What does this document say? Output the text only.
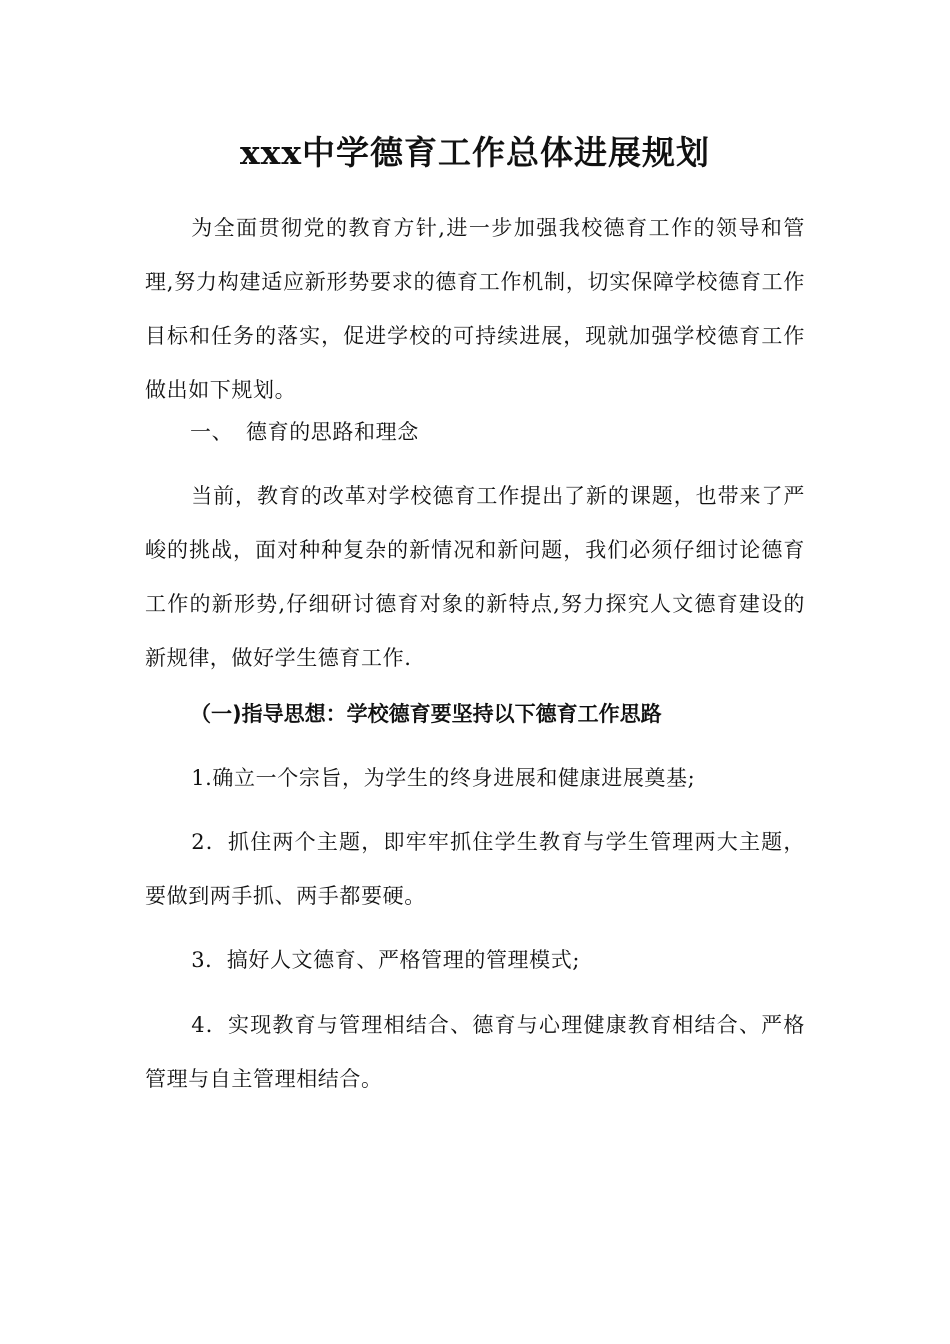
xxx中学德育工作总体进展规划

为全面贯彻党的教育方针,进一步加强我校德育工作的领导和管理,努力构建适应新形势要求的德育工作机制，切实保障学校德育工作目标和任务的落实，促进学校的可持续进展，现就加强学校德育工作做出如下规划。

一、 德育的思路和理念

当前，教育的改革对学校德育工作提出了新的课题，也带来了严峻的挑战，面对种种复杂的新情况和新问题，我们必须仔细讨论德育工作的新形势,仔细研讨德育对象的新特点,努力探究人文德育建设的新规律，做好学生德育工作.

（一)指导思想：学校德育要坚持以下德育工作思路

1.确立一个宗旨，为学生的终身进展和健康进展奠基;

2．抓住两个主题，即牢牢抓住学生教育与学生管理两大主题，要做到两手抓、两手都要硬。

3．搞好人文德育、严格管理的管理模式;

4．实现教育与管理相结合、德育与心理健康教育相结合、严格管理与自主管理相结合。
